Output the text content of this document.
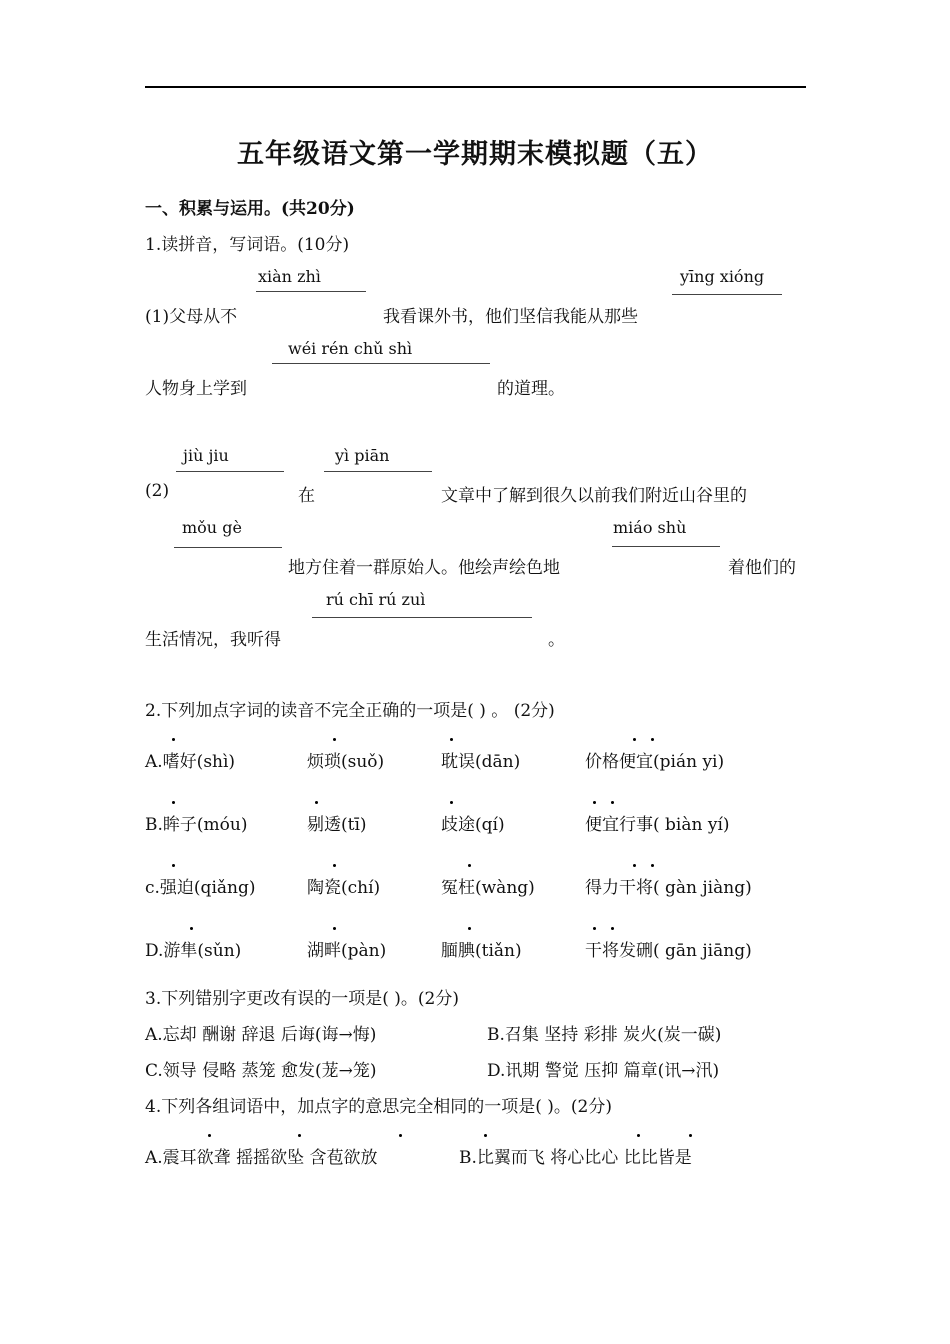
五年级语文第一学期期末模拟题（五）
一、积累与运用。(共20分)
1.读拼音，写词语。(10分)
xiàn zhì	yīng xióng
(1)父母从不	我看课外书，他们坚信我能从那些
wéi rén chǔ shì
人物身上学到	的道理。
jiù jiu	yì piān
(2)	在	文章中了解到很久以前我们附近山谷里的
mǒu gè	miáo shù
地方住着一群原始人。他绘声绘色地	着他们的
rú chī rú zuì
生活情况，我听得	。
2.下列加点字词的读音不完全正确的一项是( ) 。 (2分)
A.嗜好(shì)	烦琐(suǒ)	耽误(dān)	价格便宜(pián yi)
B.眸子(móu)	剔透(tī)	歧途(qí)	便宜行事( biàn yí)
c.强迫(qiǎng)	陶瓷(chí)	冤枉(wàng)	得力干将( gàn jiàng)
D.游隼(sǔn)	湖畔(pàn)	腼腆(tiǎn)	干将发硎( gān jiāng)
3.下列错别字更改有误的一项是( )。(2分)
A.忘却 酬谢 辞退 后诲(诲→悔)	B.召集 坚持 彩排 炭火(炭一碳)
C.领导 侵略 蒸笼 愈发(茏→笼)	D.讯期 警觉 压抑 篇章(讯→汛)
4.下列各组词语中，加点字的意思完全相同的一项是( )。(2分)
A.震耳欲聋 摇摇欲坠 含苞欲放	B.比翼而飞 将心比心 比比皆是
